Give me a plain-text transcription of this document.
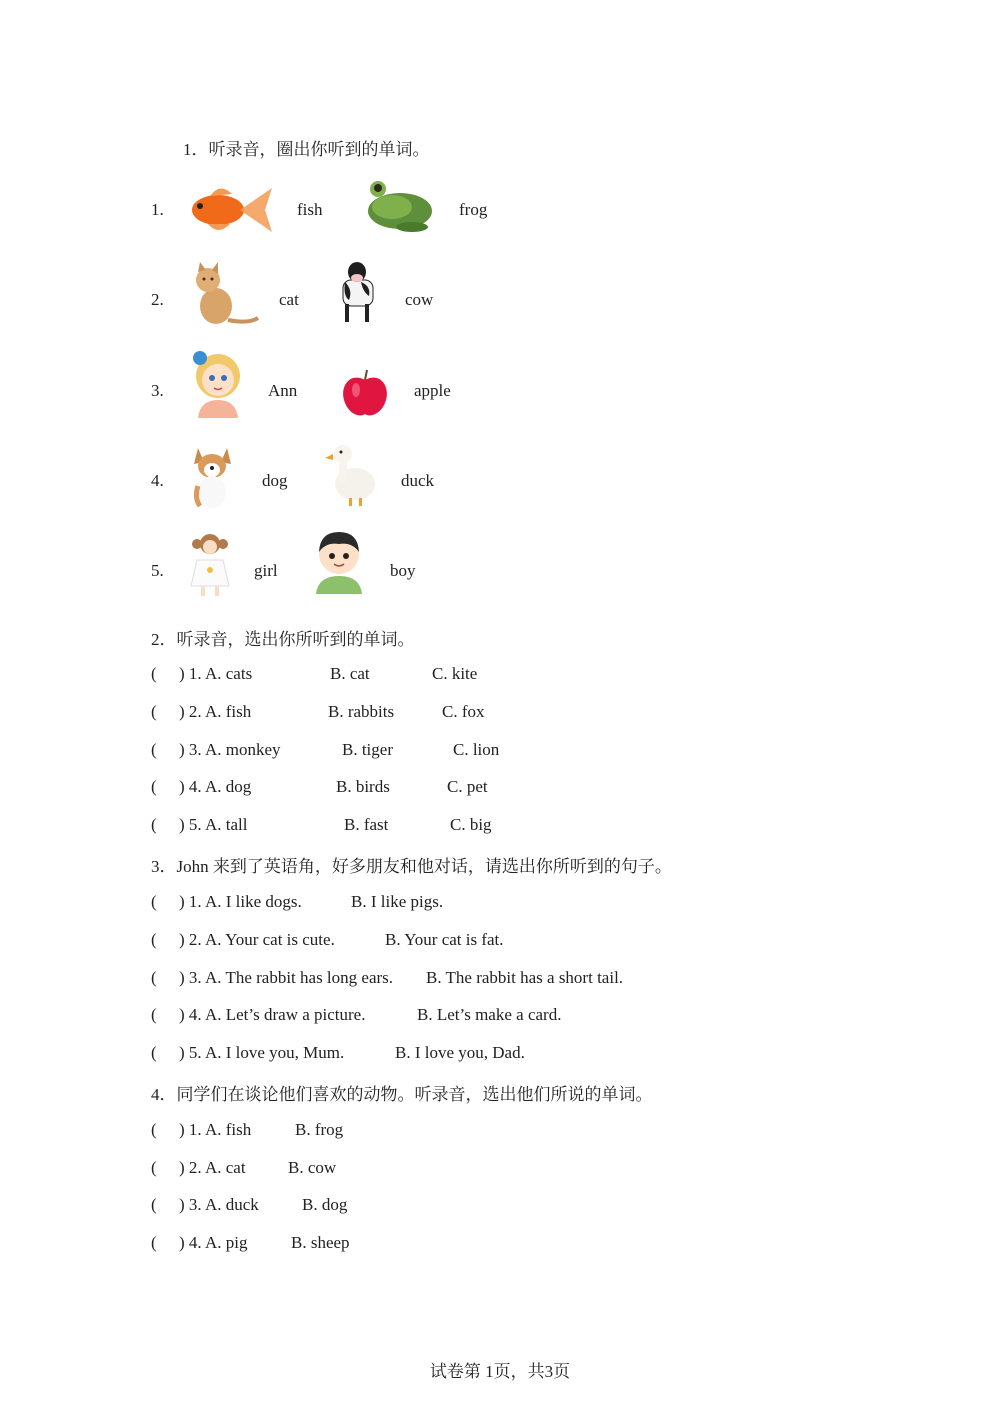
1．听录音，圈出你听到的单词。
1.	fish	frog
2.	cat	cow
3.	Ann	apple
4.	dog	duck
5.	girl	boy
2．听录音，选出你所听到的单词。
( ) 1. A. cats	B. cat	C. kite
( ) 2. A. fish	B. rabbits	C. fox
( ) 3. A. monkey	B. tiger	C. lion
( ) 4. A. dog	B. birds	C. pet
( ) 5. A. tall	B. fast	C. big
3．John 来到了英语角，好多朋友和他对话，请选出你所听到的句子。
( ) 1. A. I like dogs.	B. I like pigs.
( ) 2. A. Your cat is cute.	B. Your cat is fat.
( ) 3. A. The rabbit has long ears. B. The rabbit has a short tail.
( ) 4. A. Let’s draw a picture.	B. Let’s make a card.
( ) 5. A. I love you, Mum.	B. I love you, Dad.
4．同学们在谈论他们喜欢的动物。听录音，选出他们所说的单词。
( ) 1. A. fish	B. frog
( ) 2. A. cat B. cow
( ) 3. A. duck	B. dog
( ) 4. A. pig	B. sheep
试卷第 1页，共3页
